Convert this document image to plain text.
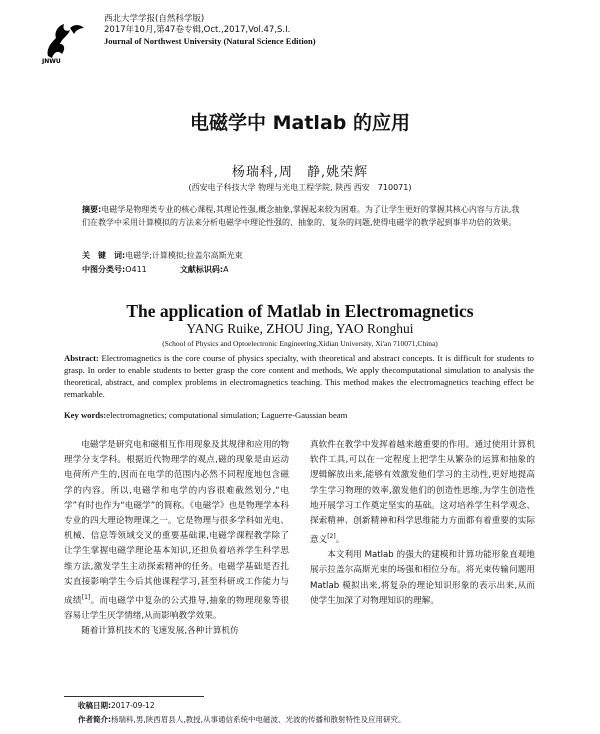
JNWU
西北大学学报(自然科学版)
2017年10月,第47卷专辑,Oct.,2017,Vol.47,S.I.
Journal of Northwest University (Natural Science Edition)
电磁学中 Matlab 的应用
杨瑞科,周　静,姚荣辉
(西安电子科技大学 物理与光电工程学院, 陕西 西安　710071)
摘要:电磁学是物理类专业的核心课程,其理论性强,概念抽象,掌握起来较为困难。为了让学生更好的掌握其核心内容与方法,我们在教学中采用计算模拟的方法来分析电磁学中理论性强的、抽象的、复杂的问题,使得电磁学的教学起到事半功倍的效果。
关　键　词:电磁学;计算模拟;拉盖尔高斯光束
中图分类号:O411	文献标识码:A
The application of Matlab in Electromagnetics
YANG Ruike, ZHOU Jing, YAO Ronghui
(School of Physics and Optoelectronic Engineering,Xidian University, Xi'an 710071,China)
Abstract: Electromagnetics is the core course of physics specialty, with theoretical and abstract concepts. It is difficult for students to grasp. In order to enable students to better grasp the core content and methods, We apply thecomputational simulation to analysis the theoretical, abstract, and complex problems in electromagnetics teaching. This method makes the electromagnetics teaching effect be remarkable.
Key words:electromagnetics; computational simulation; Laguerre-Gaussian beam

电磁学是研究电和磁相互作用现象及其规律和应用的物理学分支学科。根据近代物理学的观点,磁的现象是由运动电荷所产生的,因而在电学的范围内必然不同程度地包含磁学的内容。所以,电磁学和电学的内容很难截然划分,“电学”有时也作为“电磁学”的简称。《电磁学》也是物理学本科专业的四大理论物理课之一。它是物理与很多学科如光电、机械、信息等领域交叉的重要基础课,电磁学课程教学除了让学生掌握电磁学理论基本知识,还担负着培养学生科学思维方法,激发学生主动探索精神的任务。电磁学基础是否扎实直接影响学生今后其他课程学习,甚至科研或工作能力与成绩[1]。而电磁学中复杂的公式推导,抽象的物理现象等很容易让学生厌学情绪,从而影响教学效果。

随着计算机技术的飞速发展,各种计算机仿

真软件在教学中发挥着越来越重要的作用。通过使用计算机软件工具,可以在一定程度上把学生从繁杂的运算和抽象的逻辑解放出来,能够有效激发他们学习的主动性,更好地提高学生学习物理的效率,激发他们的创造性思维,为学生创造性地开展学习工作奠定坚实的基础。这对培养学生科学观念、探索精神、创新精神和科学思维能力方面都有着重要的实际意义[2]。

本文利用 Matlab 的强大的建模和计算功能形象直观地展示拉盖尔高斯光束的场强和相位分布。将光束传输问题用 Matlab 模拟出来,将复杂的理论知识形象的表示出来,从而使学生加深了对物理知识的理解。

收稿日期:2017-09-12
作者简介:杨瑞科,男,陕西眉县人,教授,从事通信系统中电磁波、光波的传播和散射特性及应用研究。
